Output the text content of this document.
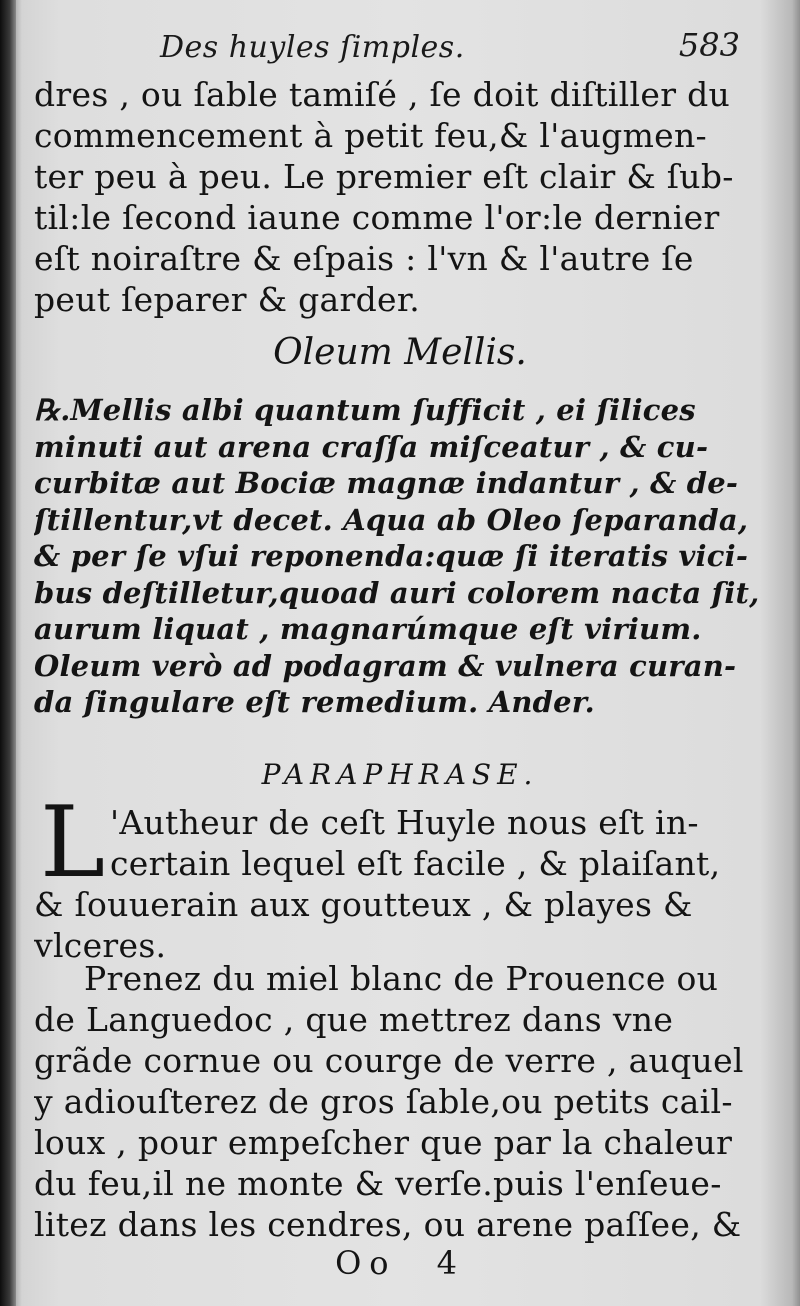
Des huyles ſimples.	583
dres , ou ſable tamiſé , ſe doit diſtiller du
commencement à petit feu,& l'augmen-
ter peu à peu. Le premier eſt clair & ſub-
til:le ſecond iaune comme l'or:le dernier
eſt noiraſtre & eſpais : l'vn & l'autre ſe
peut ſeparer & garder.
Oleum Mellis.
℞.Mellis albi quantum ſufficit , ei ſilices
minuti aut arena craſſa miſceatur , & cu-
curbitæ aut Bociæ magnæ indantur , & de-
ſtillentur,vt decet. Aqua ab Oleo ſeparanda,
& per ſe vſui reponenda:quæ ſi iteratis vici-
bus deſtilletur,quoad auri colorem nacta ſit,
aurum liquat , magnarúmque eſt virium.
Oleum verò ad podagram & vulnera curan-
da ſingulare eſt remedium. Ander.
PARAPHRASE.
L 'Autheur de ceſt Huyle nous eſt in-
certain lequel eſt facile , & plaiſant,
& ſouuerain aux goutteux , & playes &
vlceres.
Prenez du miel blanc de Prouence ou
de Languedoc , que mettrez dans vne
grãde cornue ou courge de verre , auquel
y adiouſterez de gros ſable,ou petits cail-
loux , pour empeſcher que par la chaleur
du feu,il ne monte & verſe.puis l'enſeue-
litez dans les cendres, ou arene paſſee, &
Oo 4
